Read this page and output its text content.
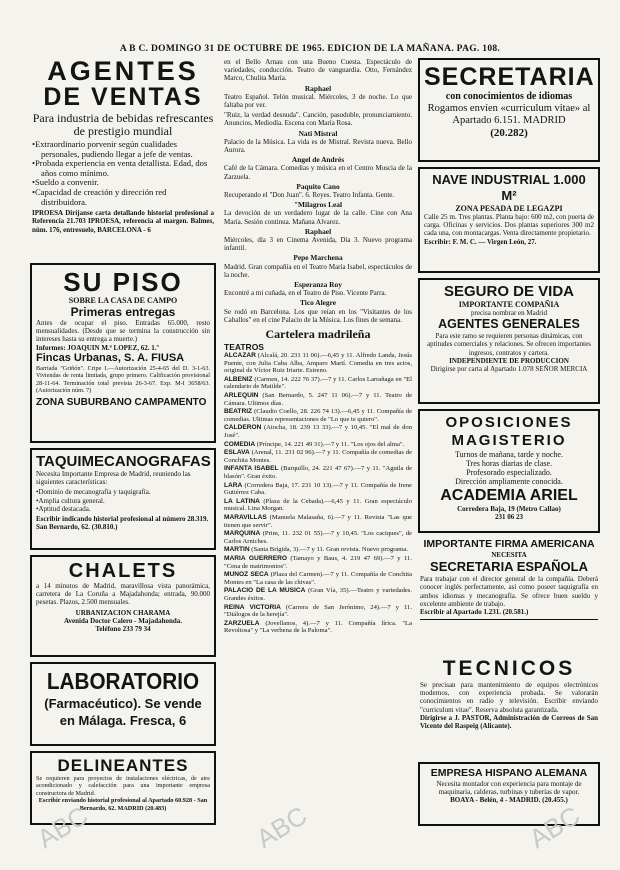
A B C. DOMINGO 31 DE OCTUBRE DE 1965. EDICION DE LA MAÑANA. PAG. 108.
AGENTES
DE VENTAS
Para industria de bebidas refrescantes de prestigio mundial
• Extraordinario porvenir según cualidades personales, pudiendo llegar a jefe de ventas.
• Probada experiencia en venta detallista. Edad, dos años como mínimo.
• Sueldo a convenir.
• Capacidad de creación y dirección red distribuidora.
IPROESA Diríjanse carta detallando historial profesional a Referencia 21.703 IPROESA, referencia al margen. Balmes, núm. 176, entresuelo, BARCELONA - 6
SU PISO
SOBRE LA CASA DE CAMPO
Primeras entregas
Antes de ocupar el piso. Entradas 65.000, resto mensualidades. (Desde que se termina la construcción sin intereses hasta su entrega a muerte.)
Informes: JOAQUIN M.ª LOPEZ, 62. 1.º
Fincas Urbanas, S. A. FIUSA
Barriada "Griñón". Cripe I.—Autorización 25-4-65 del D. 3-1-63. Viviendas de renta limitada, grupo primero. Calificación provisional 28-11-64. Terminación total prevista 26-3-67. Exp. M-I 3658/63. (Autorización núm. 7)
ZONA SUBURBANO CAMPAMENTO
TAQUIMECANOGRAFAS
Necesita Importante Empresa de Madrid, reuniendo las siguientes características:
• Dominio de mecanografía y taquigrafía.
• Amplia cultura general.
• Aptitud destacada.
Escribir indicando historial profesional al número 28.319. San Bernardo, 62. (30.810.)
CHALETS
a 14 minutos de Madrid, maravillosa vista panorámica, carretera de La Coruña a Majadahonda; entrada, 90.000 pesetas. Plazos, 2.500 mensuales.
URBANIZACION CHARAMA
Avenida Doctor Calero - Majadahonda.
Teléfono 233 79 34
LABORATORIO
(Farmacéutico). Se vende en Málaga. Fresca, 6
DELINEANTES
Se requieren para proyectos de instalaciones eléctricas, de aire acondicionado y calefacción para una importante empresa constructora de Madrid.
Escribir enviando historial profesional al Apartado 60.928 - San Bernardo, 62. MADRID (20.483)
en el Bello Arnau con una Bueno Cuesta. Espectáculo de variedades, conducción. Teatro de vanguardia. Otto, Fernández Marco, Chulita María.
Raphael
Teatro Español. Telón musical. Miércoles, 3 de noche. Lo que faltaba por ver.
"Ruiz, la verdad desnuda". Canción, pasodoble, pronunciamiento. Anuncios, Mediodía. Escena con María Rosa.
Nati Mistral
Palacio de la Música. La vida es de Mistral. Revista nueva. Bello Aurora.
Angel de Andrés
Café de la Cámara. Comedias y música en el Centro Muscia de la Zarzuela.
Paquito Cano
Recuperando el "Don Juan". 6. Reyes. Teatro Infanta. Gente.
"Milagros Leal
La devoción de un verdadero lugar de la calle. Cine con Ana María. Sesión continua. Mañana Alvarez.
Raphael
Miércoles, día 3 en Cinema Avenida, Día 3. Nuevo programa infantil.
Pepe Marchena
Madrid. Gran compañía en el Teatro María Isabel, espectáculos de la noche.
Esperanza Roy
Encontré a mi cuñada, en el Teatro de Piso. Vicente Parra.
Tico Alegre
Se rodó en Barcelona. Los que reían en los "Visitantes de los Caballos" en el cine Palacio de la Música. Los fines de semana.
Cartelera madrileña
TEATROS

ALCAZAR (Alcalá, 20. 231 11 06).—6,45 y 11. Alfredo Landa, Jesús Puente, con Julia Caba Alba, Amparo Martí. Comedia en tres actos, original de Víctor Ruiz Iriarte. Estreno.

ALBENIZ (Carmen, 14. 222 76 37).—7 y 11. Carlos Larrañaga en "El calendario de Matilde".

ARLEQUIN (San Bernardo, 5. 247 11 06).—7 y 11. Teatro de Cámara. Ultimos días.

BEATRIZ (Claudio Coello, 28. 226 74 13).—6,45 y 11. Compañía de comedias. Ultimas representaciones de "Lo que te quiero".

CALDERON (Atocha, 18. 239 13 33).—7 y 10,45. "El mal de don José".

COMEDIA (Príncipe, 14. 221 49 31).—7 y 11. "Los ojos del alma".

ESLAVA (Arenal, 11. 231 02 96).—7 y 11. Compañía de comedias de Conchita Montes.

INFANTA ISABEL (Barquillo, 24. 221 47 67).—7 y 11. "Aguila de blasón". Gran éxito.

LARA (Corredera Baja, 17. 231 10 13).—7 y 11. Compañía de Irene Gutiérrez Caba.

LA LATINA (Plaza de la Cebada).—6,45 y 11. Gran espectáculo musical. Lina Morgan.

MARAVILLAS (Manuela Malasaña, 6).—7 y 11. Revista "Las que tienen que servir".

MARQUINA (Prim, 11. 232 01 55).—7 y 10,45. "Los caciques", de Carlos Arniches.

MARTIN (Santa Brígida, 3).—7 y 11. Gran revista. Nuevo programa.

MARIA GUERRERO (Tamayo y Baus, 4. 219 47 69).—7 y 11. "Cena de matrimonios".

MUNOZ SECA (Plaza del Carmen).—7 y 11. Compañía de Conchita Montes en "La casa de las chivas".

PALACIO DE LA MUSICA (Gran Vía, 35).—Teatro y variedades. Grandes éxitos.

REINA VICTORIA (Carrera de San Jerónimo, 24).—7 y 11. "Diálogos de la herejía".

ZARZUELA (Jovellanos, 4).—7 y 11. Compañía lírica. "La Revoltosa" y "La verbena de la Paloma".

SECRETARIA
con conocimientos de idiomas
Rogamos envíen «curriculum vitae» al Apartado 6.151. MADRID
(20.282)
NAVE INDUSTRIAL 1.000 M²
ZONA PESADA DE LEGAZPI
Calle 25 m. Tres plantas. Planta bajo: 600 m2, con puerta de carga. Oficinas y servicios. Dos plantas superiores 300 m2 cada una, con montacargas. Venta directamente propietario.
Escribir: F. M. C. — Virgen León, 27.
SEGURO DE VIDA
IMPORTANTE COMPAÑIA
precisa nombrar en Madrid
AGENTES GENERALES
Para este ramo se requieren personas dinámicas, con aptitudes comerciales y relaciones. Se ofrecen importantes ingresos, contratos y cartera.
INDEPENDIENTE DE PRODUCCION
Dirigirse por carta al Apartado 1.078 SEÑOR MERCIA
OPOSICIONES
MAGISTERIO
Turnos de mañana, tarde y noche.
Tres horas diarias de clase.
Profesorado especializado.
Dirección ampliamente conocida.
ACADEMIA ARIEL
Corredera Baja, 19 (Metro Callao)
231 06 23
IMPORTANTE FIRMA AMERICANA
NECESITA
SECRETARIA ESPAÑOLA
Para trabajar con el director general de la compañía. Deberá conocer inglés perfectamente, así como poseer taquigrafía en ambos idiomas y mecanografía. Se ofrece buen sueldo y excelente ambiente de trabajo.
Escribir al Apartado 1.231. (20.581.)
TECNICOS
Se precisan para mantenimiento de equipos electrónicos modernos, con experiencia probada. Se valorarán conocimientos en radio y televisión. Escribir enviando "curriculum vitae". Reserva absoluta garantizada.
Dirigirse a J. PASTOR, Administración de Correos de San Vicente del Raspeig (Alicante).
EMPRESA HISPANO ALEMANA
Necesita montador con experiencia para montaje de maquinaria, calderas, turbinas y tuberías de vapor.
BOAYA - Belén, 4 - MADRID. (20.455.)
ABC	ABC	ABC
